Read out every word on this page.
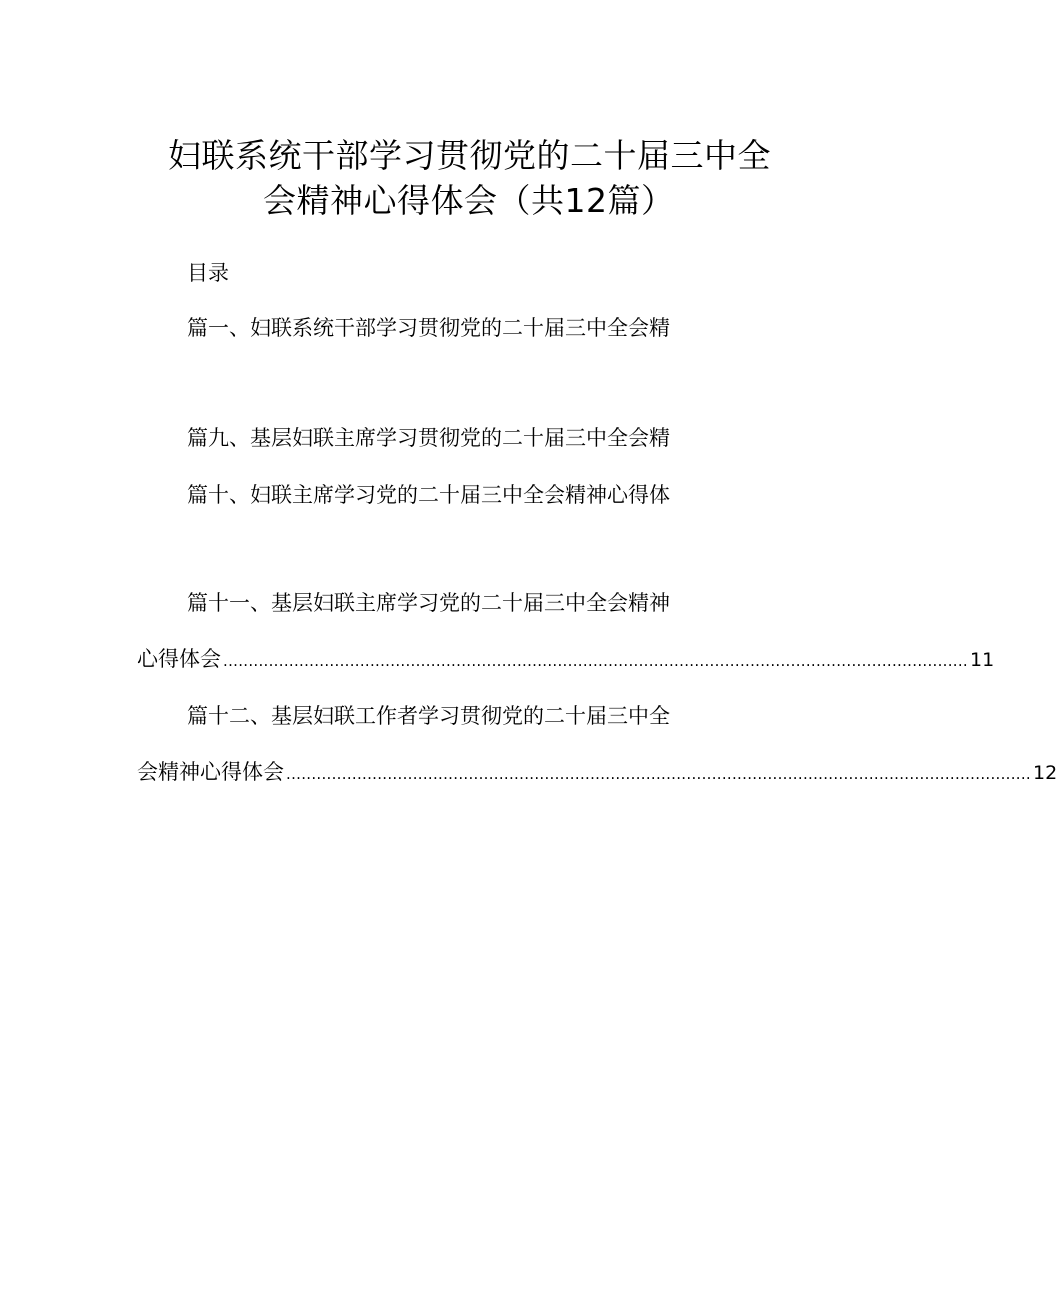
妇联系统干部学习贯彻党的二十届三中全
会精神心得体会（共12篇）
目录
篇一、妇联系统干部学习贯彻党的二十届三中全会精
篇九、基层妇联主席学习贯彻党的二十届三中全会精
篇十、妇联主席学习党的二十届三中全会精神心得体
篇十一、基层妇联主席学习党的二十届三中全会精神
心得体会 ................................................................................................................................................... 11
篇十二、基层妇联工作者学习贯彻党的二十届三中全
会精神心得体会 ................................................................................................................................................... 12
